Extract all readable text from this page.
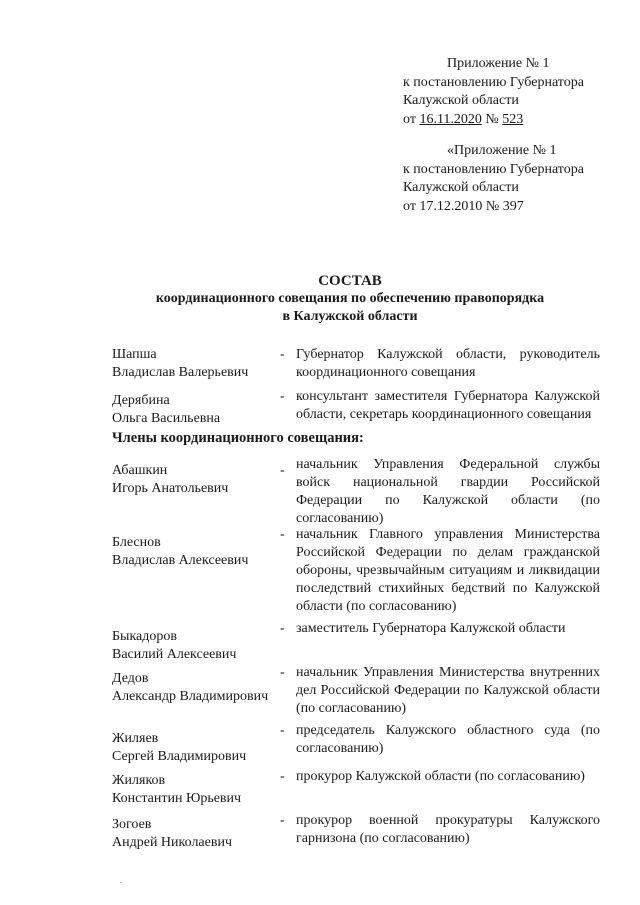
Приложение № 1
к постановлению Губернатора
Калужской области
от 16.11.2020 № 523
«Приложение № 1
к постановлению Губернатора
Калужской области
от 17.12.2010 № 397
СОСТАВ
координационного совещания по обеспечению правопорядка
в Калужской области
Шапша
Владислав Валерьевич
- Губернатор Калужской области, руководитель координационного совещания
Дерябина
Ольга Васильевна
- консультант заместителя Губернатора Калужской области, секретарь координационного совещания
Члены координационного совещания:
Абашкин
Игорь Анатольевич
- начальник Управления Федеральной службы войск национальной гвардии Российской Федерации по Калужской области (по согласованию)
Блеснов
Владислав Алексеевич
- начальник Главного управления Министерства Российской Федерации по делам гражданской обороны, чрезвычайным ситуациям и ликвидации последствий стихийных бедствий по Калужской области (по согласованию)
Быкадоров
Василий Алексеевич
- заместитель Губернатора Калужской области
Дедов
Александр Владимирович
- начальник Управления Министерства внутренних дел Российской Федерации по Калужской области (по согласованию)
Жиляев
Сергей Владимирович
- председатель Калужского областного суда (по согласованию)
Жиляков
Константин Юрьевич
- прокурор Калужской области (по согласованию)
Зогоев
Андрей Николаевич
- прокурор военной прокуратуры Калужского гарнизона (по согласованию)
